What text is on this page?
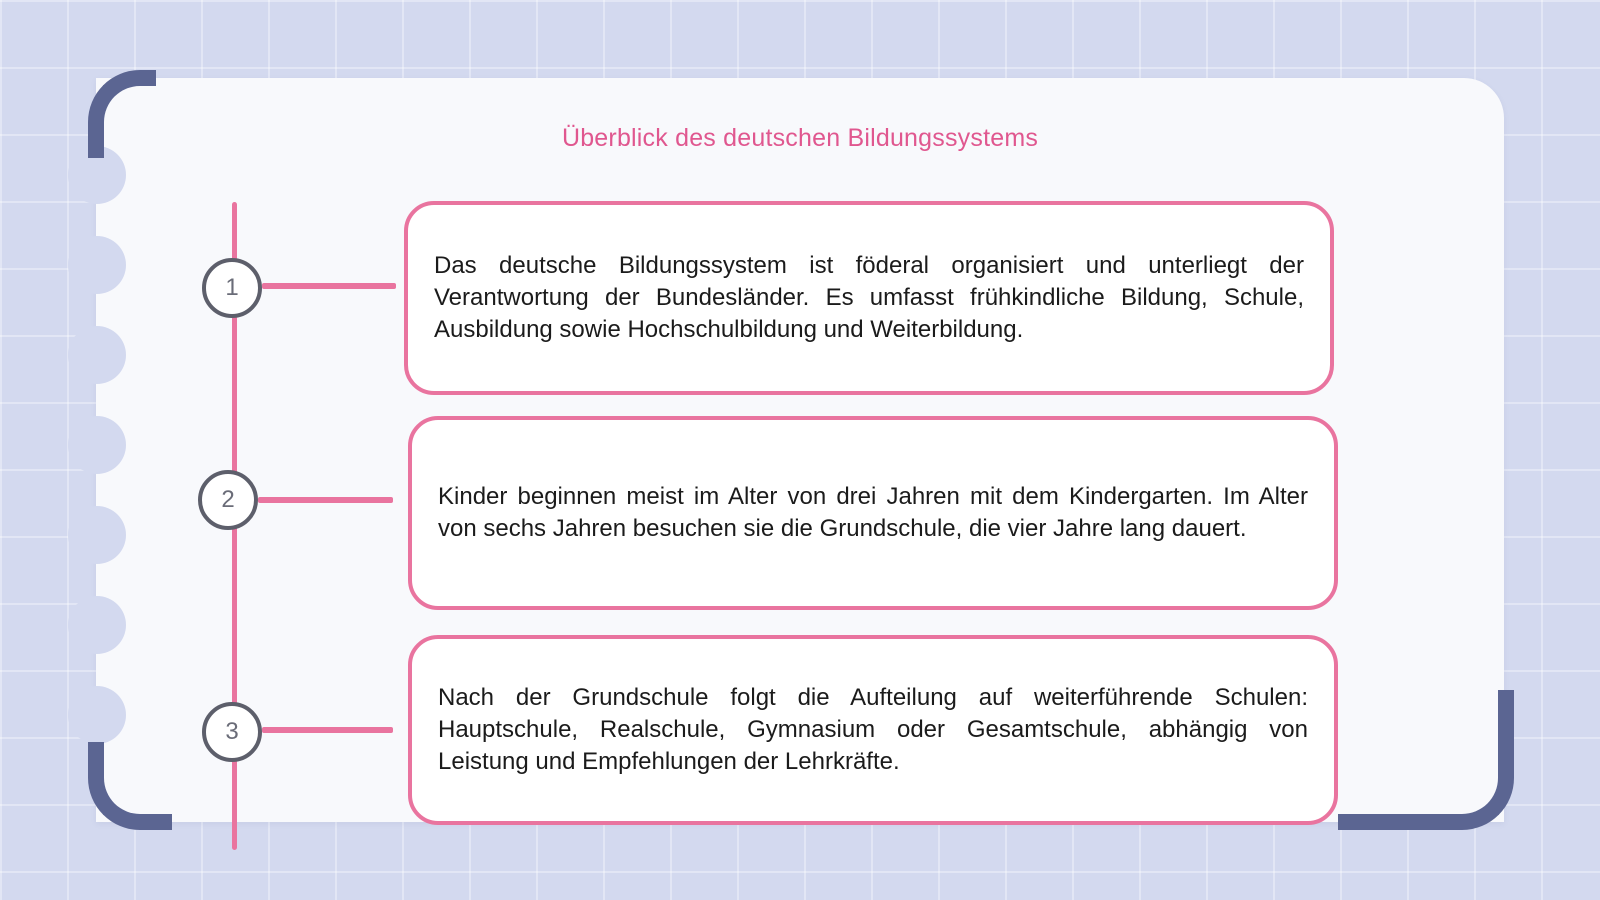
Überblick des deutschen Bildungssystems
1
Das deutsche Bildungssystem ist föderal organisiert und unterliegt der Verantwortung der Bundesländer. Es umfasst frühkindliche Bildung, Schule, Ausbildung sowie Hochschulbildung und Weiterbildung.
2	Kinder beginnen meist im Alter von drei Jahren mit dem Kindergarten. Im Alter von sechs Jahren besuchen sie die Grundschule, die vier Jahre lang dauert.
3
Nach der Grundschule folgt die Aufteilung auf weiterführende Schulen: Hauptschule, Realschule, Gymnasium oder Gesamtschule, abhängig von Leistung und Empfehlungen der Lehrkräfte.
